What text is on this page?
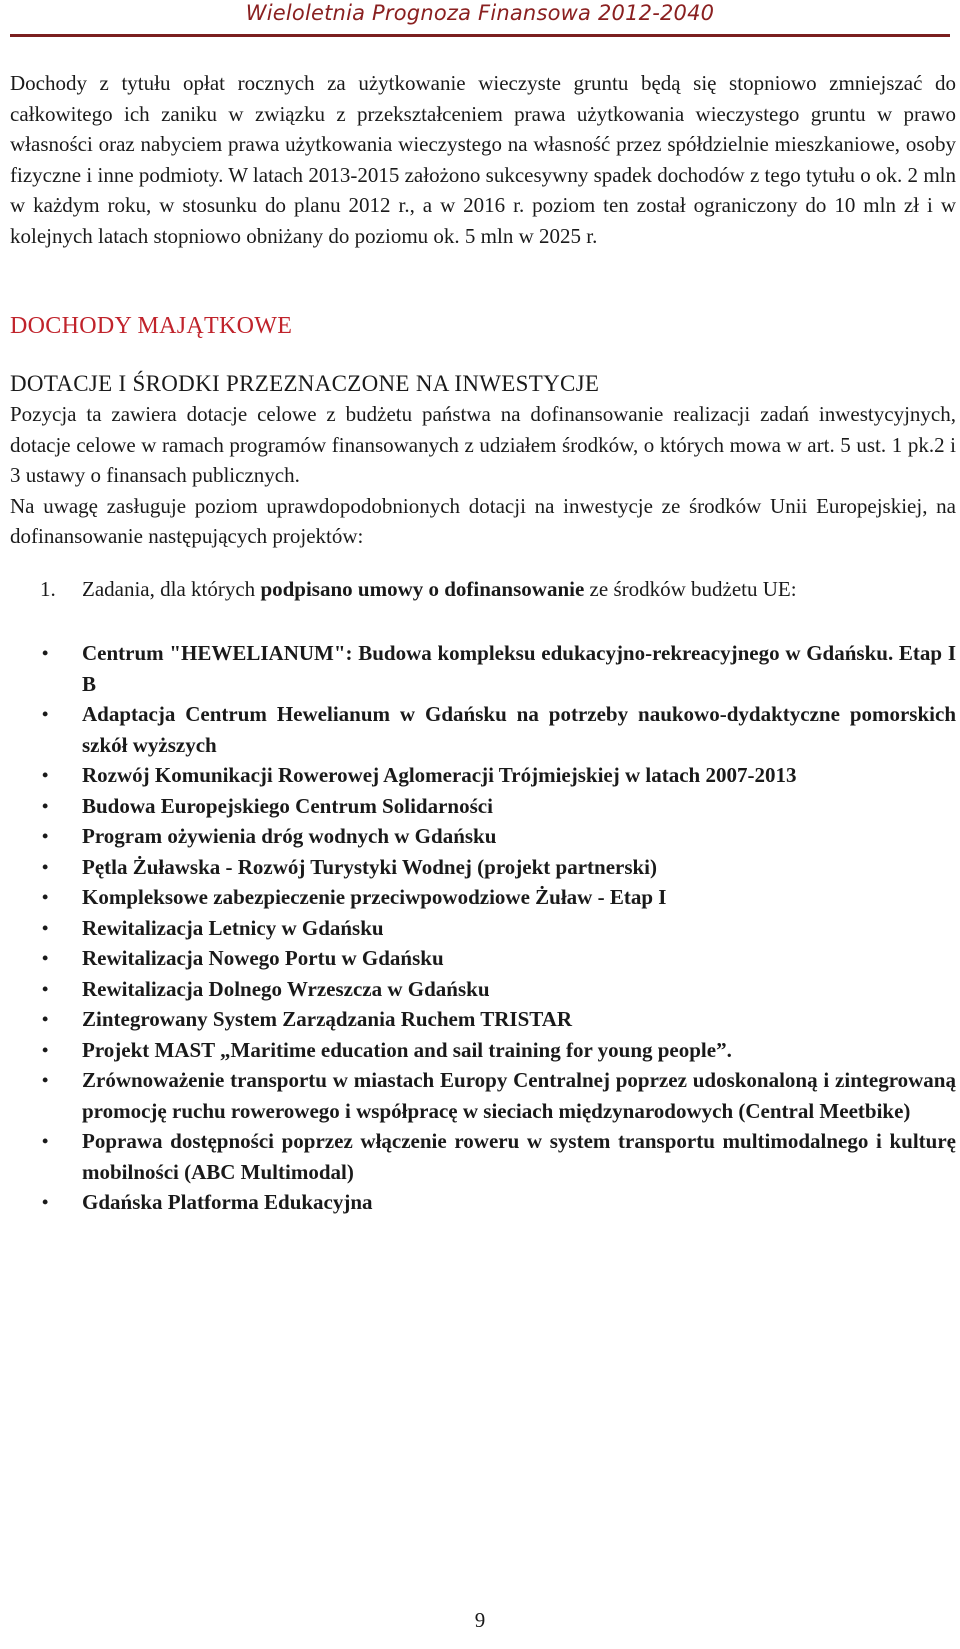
Wieloletnia Prognoza Finansowa 2012-2040

Dochody z tytułu opłat rocznych za użytkowanie wieczyste gruntu będą się stopniowo zmniejszać do całkowitego ich zaniku w związku z przekształceniem prawa użytkowania wieczystego gruntu w prawo własności oraz nabyciem prawa użytkowania wieczystego na własność przez spółdzielnie mieszkaniowe, osoby fizyczne i inne podmioty. W latach 2013-2015 założono sukcesywny spadek dochodów z tego tytułu o ok. 2 mln w każdym roku, w stosunku do planu 2012 r., a w 2016 r. poziom ten został ograniczony do 10 mln zł i w kolejnych latach stopniowo obniżany do poziomu ok. 5 mln w 2025 r.

DOCHODY MAJĄTKOWE
DOTACJE I ŚRODKI PRZEZNACZONE NA INWESTYCJE

Pozycja ta zawiera dotacje celowe z budżetu państwa na dofinansowanie realizacji zadań inwestycyjnych, dotacje celowe w ramach programów finansowanych z udziałem środków, o których mowa w art. 5 ust. 1 pk.2 i 3 ustawy o finansach publicznych.

Na uwagę zasługuje poziom uprawdopodobnionych dotacji na inwestycje ze środków Unii Europejskiej, na dofinansowanie następujących projektów:

1.	Zadania, dla których podpisano umowy o dofinansowanie ze środków budżetu UE:
•	Centrum "HEWELIANUM": Budowa kompleksu edukacyjno-rekreacyjnego w Gdańsku. Etap I B
•	Adaptacja Centrum Hewelianum w Gdańsku na potrzeby naukowo-dydaktyczne pomorskich szkół wyższych
•	Rozwój Komunikacji Rowerowej Aglomeracji Trójmiejskiej w latach 2007-2013
•	Budowa Europejskiego Centrum Solidarności
•	Program ożywienia dróg wodnych w Gdańsku
•	Pętla Żuławska - Rozwój Turystyki Wodnej (projekt partnerski)
•	Kompleksowe zabezpieczenie przeciwpowodziowe Żuław - Etap I
•	Rewitalizacja Letnicy w Gdańsku
•	Rewitalizacja Nowego Portu w Gdańsku
•	Rewitalizacja Dolnego Wrzeszcza w Gdańsku
•	Zintegrowany System Zarządzania Ruchem TRISTAR
•	Projekt MAST „Maritime education and sail training for young people”.
•	Zrównoważenie transportu w miastach Europy Centralnej poprzez udoskonaloną i zintegrowaną promocję ruchu rowerowego i współpracę w sieciach międzynarodowych (Central Meetbike)
•	Poprawa dostępności poprzez włączenie roweru w system transportu multimodalnego i kulturę mobilności (ABC Multimodal)
•	Gdańska Platforma Edukacyjna
9
